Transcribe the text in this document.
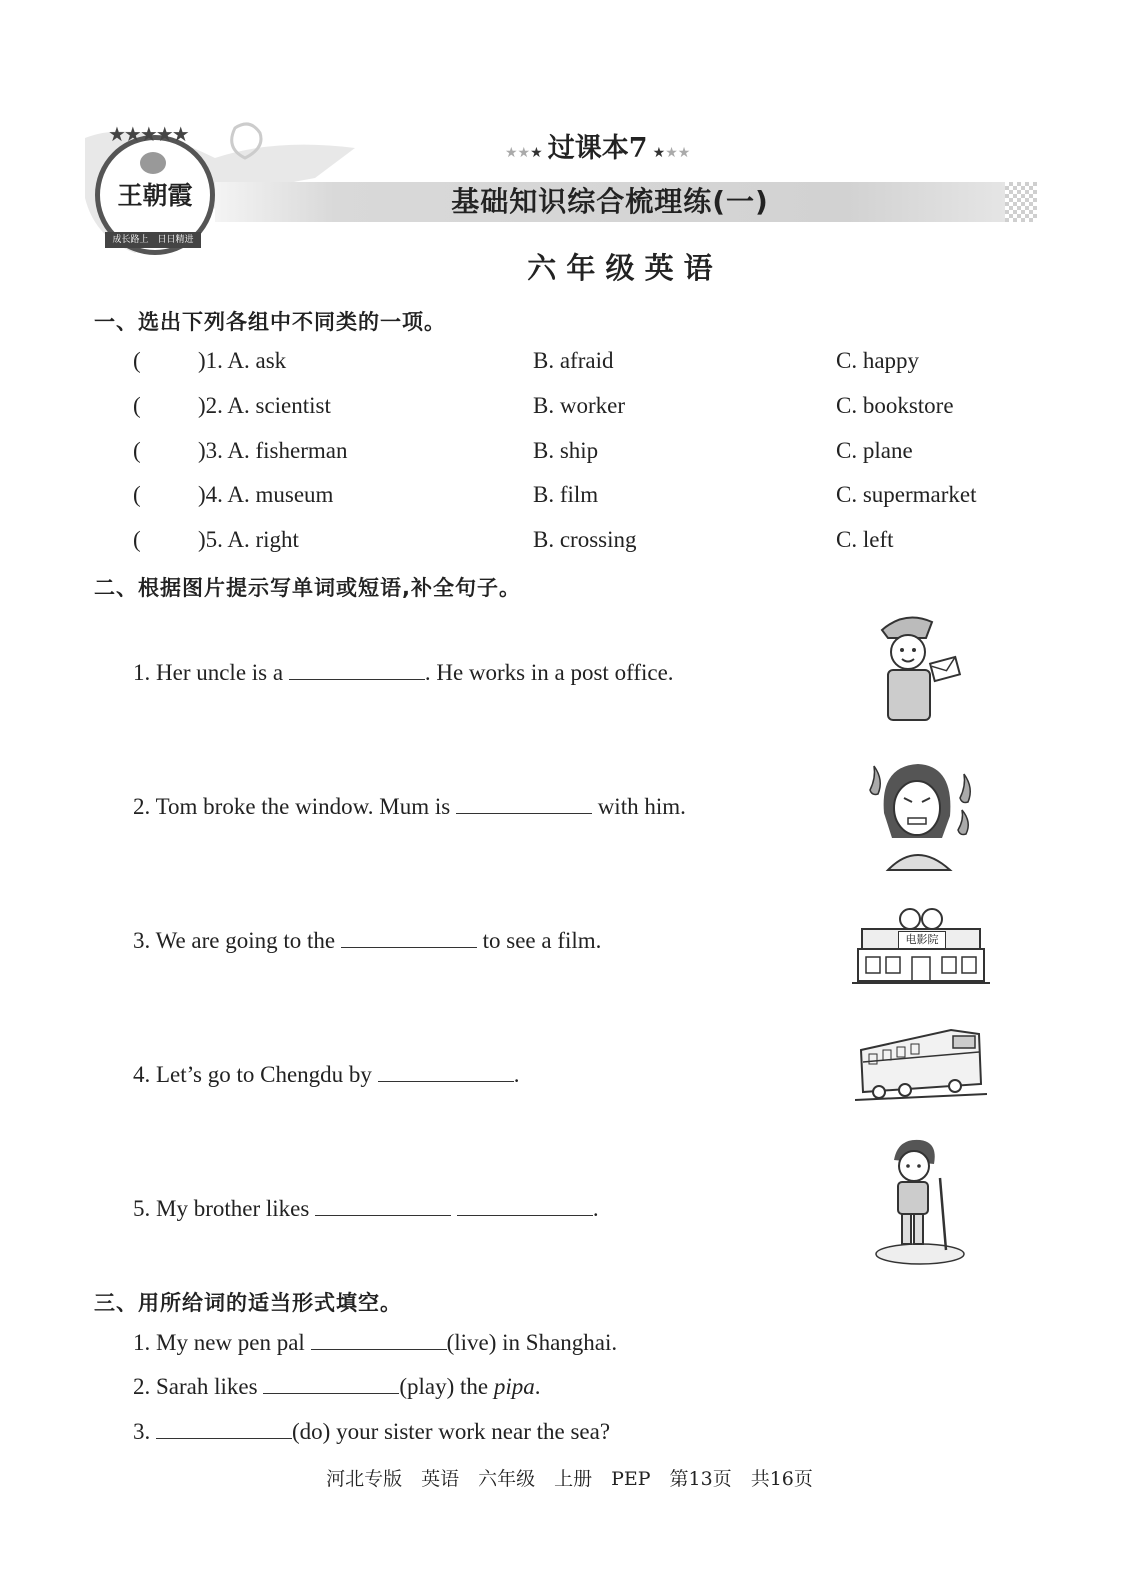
王朝霞
★★★★★
成长路上 日日精进
★★★ 过课本7 ★★★
基础知识综合梳理练(一)
六 年 级 英 语
一、选出下列各组中不同类的一项。
( )1. A. ask	B. afraid	C. happy
( )2. A. scientist	B. worker	C. bookstore
( )3. A. fisherman	B. ship	C. plane
( )4. A. museum	B. film	C. supermarket
( )5. A. right	B. crossing	C. left
二、根据图片提示写单词或短语,补全句子。
1. Her uncle is a	. He works in a post office.
2. Tom broke the window. Mum is	with him.
3. We are going to the	to see a film.
4. Let’s go to Chengdu by	.
5. My brother likes	.
电影院
三、用所给词的适当形式填空。
1. My new pen pal	(live) in Shanghai.
2. Sarah likes	(play) the pipa.
3.	(do) your sister work near the sea?
河北专版　英语　六年级　上册　PEP　第13页　共16页
